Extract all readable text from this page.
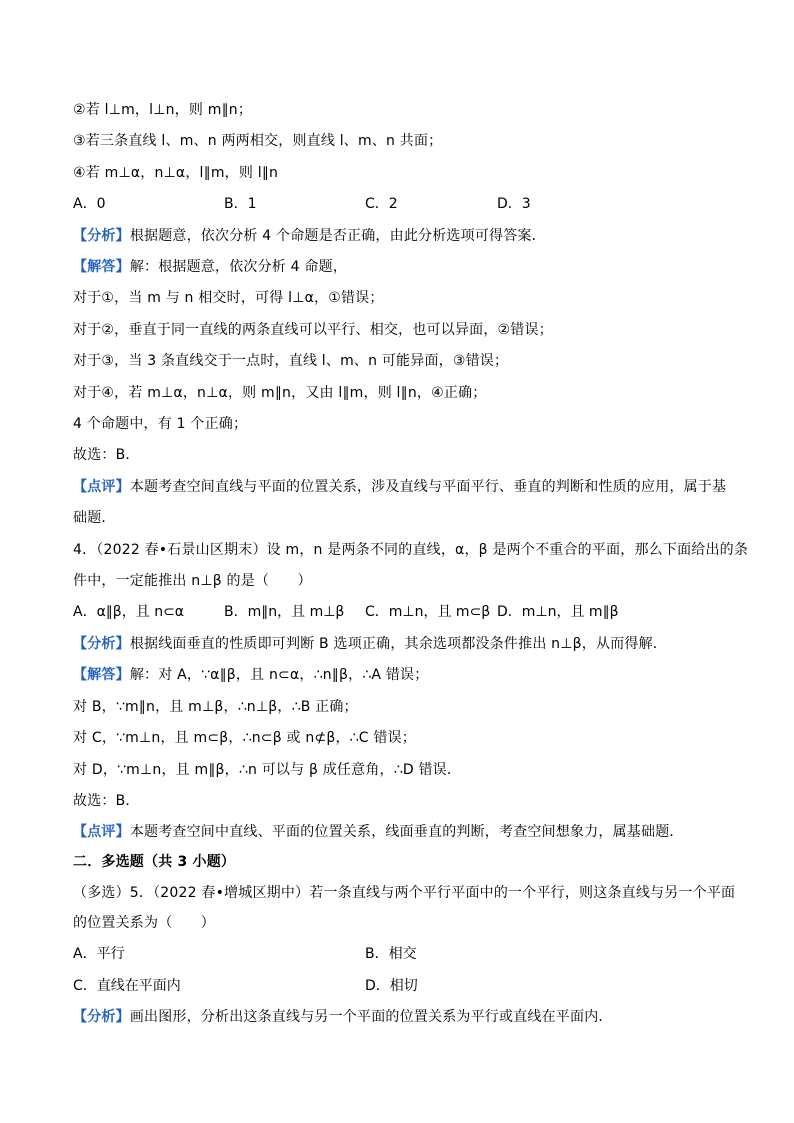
②若 l⊥m，l⊥n，则 m∥n；
③若三条直线 l、m、n 两两相交，则直线 l、m、n 共面；
④若 m⊥α，n⊥α，l∥m，则 l∥n
A．0	B．1	C．2	D．3
【分析】根据题意，依次分析 4 个命题是否正确，由此分析选项可得答案．
【解答】解：根据题意，依次分析 4 命题，
对于①，当 m 与 n 相交时，可得 l⊥α，①错误；
对于②，垂直于同一直线的两条直线可以平行、相交，也可以异面，②错误；
对于③，当 3 条直线交于一点时，直线 l、m、n 可能异面，③错误；
对于④，若 m⊥α，n⊥α，则 m∥n，又由 l∥m，则 l∥n，④正确；
4 个命题中，有 1 个正确；
故选：B．
【点评】本题考查空间直线与平面的位置关系，涉及直线与平面平行、垂直的判断和性质的应用，属于基
础题．
4．（2022 春•石景山区期末）设 m，n 是两条不同的直线，α，β 是两个不重合的平面，那么下面给出的条
件中，一定能推出 n⊥β 的是（　　）
A．α∥β，且 n⊂α	B．m∥n，且 m⊥β C．m⊥n，且 m⊂β D．m⊥n，且 m∥β
【分析】根据线面垂直的性质即可判断 B 选项正确，其余选项都没条件推出 n⊥β，从而得解．
【解答】解：对 A，∵α∥β，且 n⊂α，∴n∥β，∴A 错误；
对 B，∵m∥n，且 m⊥β，∴n⊥β，∴B 正确；
对 C，∵m⊥n，且 m⊂β，∴n⊂β 或 n⊄β，∴C 错误；
对 D，∵m⊥n，且 m∥β，∴n 可以与 β 成任意角，∴D 错误．
故选：B．
【点评】本题考查空间中直线、平面的位置关系，线面垂直的判断，考查空间想象力，属基础题．
二．多选题（共 3 小题）
（多选）5．（2022 春•增城区期中）若一条直线与两个平行平面中的一个平行，则这条直线与另一个平面
的位置关系为（　　）
A．平行	B．相交
C．直线在平面内	D．相切
【分析】画出图形，分析出这条直线与另一个平面的位置关系为平行或直线在平面内．
